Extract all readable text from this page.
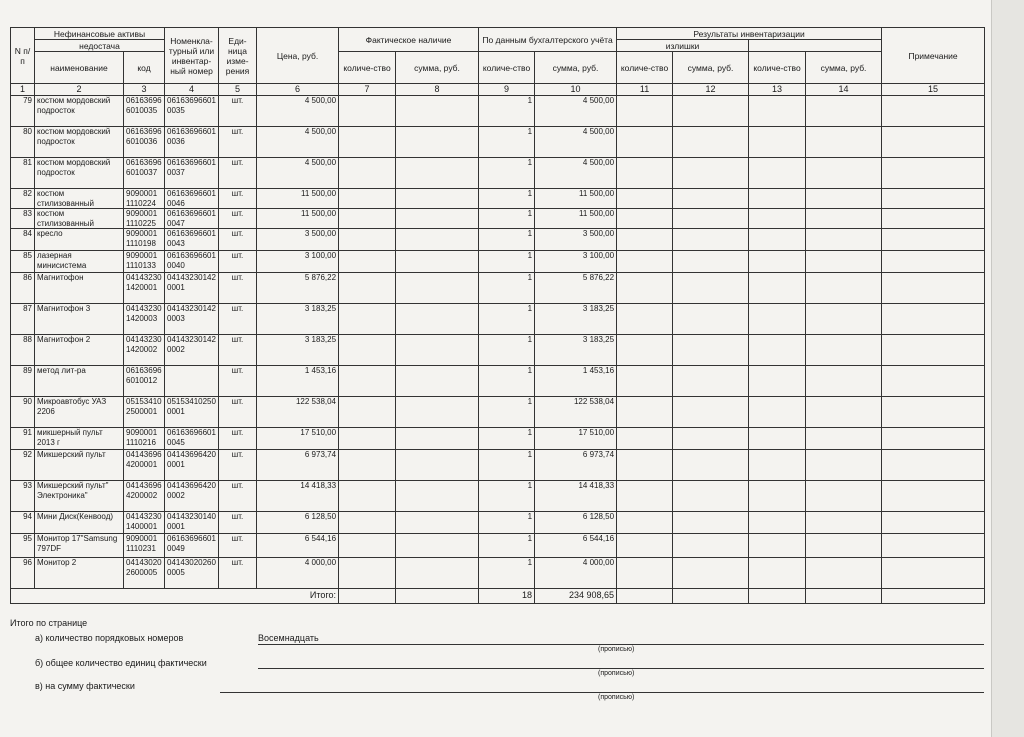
N п/п	Нефинансовые активы		Номенкла-турный или инвентар-ный номер	Еди-ница изме-рения	Цена, руб.	Фактическое наличие		По данным бухгалтерского учёта		Результаты инвентаризации				Примечание
	недостача									излишки				
	наименование	код				количе-ство	сумма, руб.	количе-ство	сумма, руб.	количе-ство	сумма, руб.	количе-ство	сумма, руб.	
1	2	3	4	5	6	7	8	9	10	11	12	13	14	15
79	костюм мордовский подросток	061636966010035	06163696601 0035	шт.	4 500,00			1	4 500,00					
80	костюм мордовский подросток	061636966010036	06163696601 0036	шт.	4 500,00			1	4 500,00					
81	костюм мордовский подросток	061636966010037	06163696601 0037	шт.	4 500,00			1	4 500,00					
82	костюм стилизованный	9090001 1110224	06163696601 0046	шт.	11 500,00			1	11 500,00					
83	костюм стилизованный	9090001 1110225	06163696601 0047	шт.	11 500,00			1	11 500,00					
84	кресло	9090001 1110198	06163696601 0043	шт.	3 500,00			1	3 500,00					
85	лазерная минисистема	9090001 1110133	06163696601 0040	шт.	3 100,00			1	3 100,00					
86	Магнитофон	041432301420001	04143230142 0001	шт.	5 876,22			1	5 876,22					
87	Магнитофон 3	041432301420003	04143230142 0003	шт.	3 183,25			1	3 183,25					
88	Магнитофон 2	041432301420002	04143230142 0002	шт.	3 183,25			1	3 183,25					
89	метод лит-ра	061636966010012		шт.	1 453,16			1	1 453,16					
90	Микроавтобус УАЗ 2206	051534102500001	05153410250 0001	шт.	122 538,04			1	122 538,04					
91	микшерный пульт 2013 г	9090001 1110216	06163696601 0045	шт.	17 510,00			1	17 510,00					
92	Микшерский пульт	041436964200001	04143696420 0001	шт.	6 973,74			1	6 973,74					
93	Микшерский пульт" Электроника"	041436964200002	04143696420 0002	шт.	14 418,33			1	14 418,33					
94	Мини Диск(Кенвоод)	041432301400001	04143230140 0001	шт.	6 128,50			1	6 128,50					
95	Монитор 17"Samsung 797DF	9090001 1110231	06163696601 0049	шт.	6 544,16			1	6 544,16					
96	Монитор 2	041430202600005	04143020260 0005	шт.	4 000,00			1	4 000,00					
Итого:								18	234 908,65					
Итого по странице
а) количество порядковых номеров	Восемнадцать
(прописью)
б) общее количество единиц фактически
(прописью)
в) на сумму фактически
(прописью)
